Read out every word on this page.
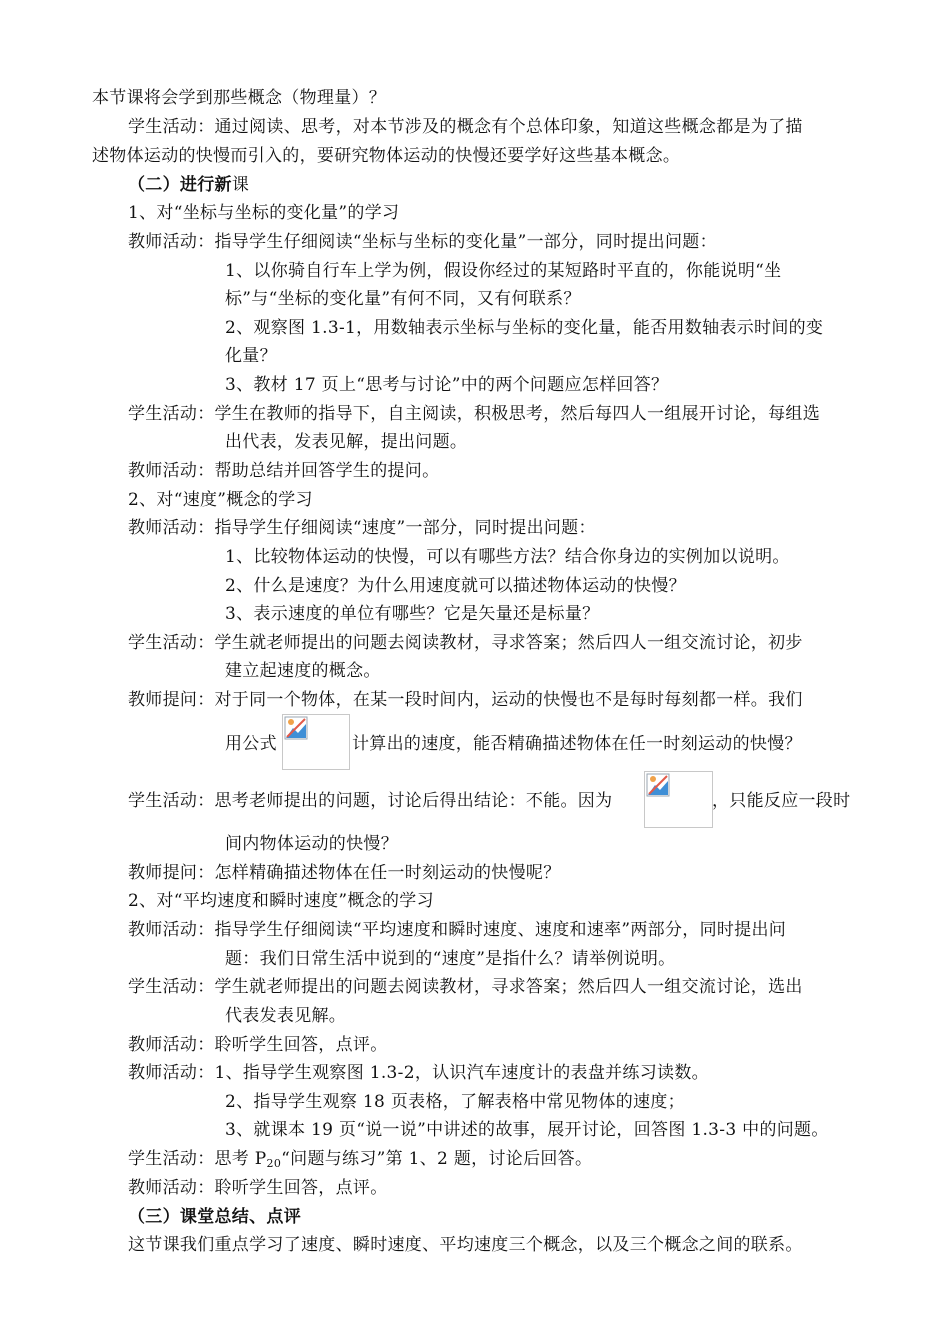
本节课将会学到那些概念（物理量）？
学生活动：通过阅读、思考，对本节涉及的概念有个总体印象，知道这些概念都是为了描
述物体运动的快慢而引入的，要研究物体运动的快慢还要学好这些基本概念。
（二）进行新课
1、对“坐标与坐标的变化量”的学习
教师活动：指导学生仔细阅读“坐标与坐标的变化量”一部分，同时提出问题：
1、以你骑自行车上学为例，假设你经过的某短路时平直的，你能说明“坐
标”与“坐标的变化量”有何不同，又有何联系？
2、观察图 1.3-1，用数轴表示坐标与坐标的变化量，能否用数轴表示时间的变
化量？
3、教材 17 页上“思考与讨论”中的两个问题应怎样回答？
学生活动：学生在教师的指导下，自主阅读，积极思考，然后每四人一组展开讨论，每组选
出代表，发表见解，提出问题。
教师活动：帮助总结并回答学生的提问。
2、对“速度”概念的学习
教师活动：指导学生仔细阅读“速度”一部分，同时提出问题：
1、比较物体运动的快慢，可以有哪些方法？结合你身边的实例加以说明。
2、什么是速度？为什么用速度就可以描述物体运动的快慢？
3、表示速度的单位有哪些？它是矢量还是标量？
学生活动：学生就老师提出的问题去阅读教材，寻求答案；然后四人一组交流讨论，初步
建立起速度的概念。
教师提问：对于同一个物体，在某一段时间内，运动的快慢也不是每时每刻都一样。我们
用公式	计算出的速度，能否精确描述物体在任一时刻运动的快慢？
学生活动：思考老师提出的问题，讨论后得出结论：不能。因为	，只能反应一段时
间内物体运动的快慢？
教师提问：怎样精确描述物体在任一时刻运动的快慢呢？
2、对“平均速度和瞬时速度”概念的学习
教师活动：指导学生仔细阅读“平均速度和瞬时速度、速度和速率”两部分，同时提出问
题：我们日常生活中说到的“速度”是指什么？请举例说明。
学生活动：学生就老师提出的问题去阅读教材，寻求答案；然后四人一组交流讨论，选出
代表发表见解。
教师活动：聆听学生回答，点评。
教师活动：1、指导学生观察图 1.3-2，认识汽车速度计的表盘并练习读数。
2、指导学生观察 18 页表格，了解表格中常见物体的速度；
3、就课本 19 页“说一说”中讲述的故事，展开讨论，回答图 1.3-3 中的问题。
学生活动：思考 $P_{20}“$问题与练习”第 1、2 题，讨论后回答。
教师活动：聆听学生回答，点评。
（三）课堂总结、点评
这节课我们重点学习了速度、瞬时速度、平均速度三个概念，以及三个概念之间的联系。
